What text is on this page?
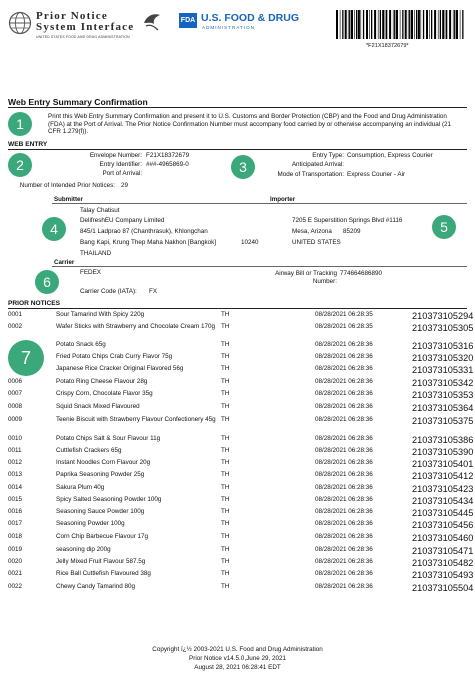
Prior Notice
System Interface
UNITED STATES FOOD AND DRUG ADMINISTRATION
FDA U.S. FOOD & DRUG
ADMINISTRATION
*F21X18372679*
Web Entry Summary Confirmation
1	Print this Web Entry Summary Confirmation and present it to U.S. Customs and Border Protection (CBP) and the Food and Drug Administration (FDA) at the Port of Arrival. The Prior Notice Confirmation Number must accompany food carried by or otherwise accompanying an individual (21 CFR 1.279(f)).
WEB ENTRY
2
Envelope Number: F21X18372679
Entry Identifier: ###-4965869-0
Port of Arrival:
Number of Intended Prior Notices: 29
3
Entry Type: Consumption, Express Courier
Anticipated Arrival:
Mode of Transportation: Express Courier - Air
Submitter	Importer
4
Talay Chatisut
DelifreshEU Company Limited
845/1 Ladprao 87 (Chanthrasuk), Khlongchan
Bang Kapi, Krung Thep Maha Nakhon [Bangkok]	10240
THAILAND
7205 E Superstition Springs Blvd #1116
Mesa, Arizona 85209
UNITED STATES
5
Carrier
6
FEDEX
Carrier Code (IATA): FX
Airway Bill or Tracking
Number:
774664686890
PRIOR NOTICES
7
0001	Sour Tamarind With Spicy 220g	TH	08/28/2021 06:28:35	210373105294
0002	Wafer Sticks with Strawberry and Chocolate Cream 170g TH	08/28/2021 06:28:35	210373105305
Potato Snack 65g	TH	08/28/2021 06:28:36	210373105316
Fried Potato Chips Crab Curry Flavor 75g	TH	08/28/2021 06:28:36	210373105320
Japanese Rice Cracker Original Flavored 56g	TH	08/28/2021 06:28:36	210373105331
0006	Potato Ring Cheese Flavour 28g	TH	08/28/2021 06:28:36	210373105342
0007	Crispy Corn, Chocolate Flavor 35g	TH	08/28/2021 06:28:36	210373105353
0008	Squid Snack Mixed Flavoured	TH	08/28/2021 06:28:36	210373105364
0009	Teenie Biscuit with Strawberry Flavour Confectionery 45g TH	08/28/2021 06:28:36	210373105375
0010	Potato Chips Salt & Sour Flavour 11g	TH	08/28/2021 06:28:36	210373105386
0011	Cuttlefish Crackers 65g	TH	08/28/2021 06:28:36	210373105390
0012	Instant Noodles Corn Flavour 20g	TH	08/28/2021 06:28:36	210373105401
0013	Paprika Seasoning Powder 25g	TH	08/28/2021 06:28:36	210373105412
0014	Sakura Plum 40g	TH	08/28/2021 06:28:36	210373105423
0015	Spicy Salted Seasoning Powder 100g	TH	08/28/2021 06:28:36	210373105434
0016	Seasoning Sauce Powder 100g	TH	08/28/2021 06:28:36	210373105445
0017	Seasoning Powder 100g	TH	08/28/2021 06:28:36	210373105456
0018	Corn Chip Barbecue Flavour 17g	TH	08/28/2021 06:28:36	210373105460
0019	seasoning dip 200g	TH	08/28/2021 06:28:36	210373105471
0020	Jelly Mixed Fruit Flavour 587.5g	TH	08/28/2021 06:28:36	210373105482
0021	Rice Ball Cuttlefish Flavoured 38g	TH	08/28/2021 06:28:36	210373105493
0022	Chewy Candy Tamarind 80g	TH	08/28/2021 06:28:36	210373105504
Copyright ï¿½ 2003-2021 U.S. Food and Drug Administration
Prior Notice v14.5.0,June 29, 2021
August 28, 2021 06:28:41 EDT
